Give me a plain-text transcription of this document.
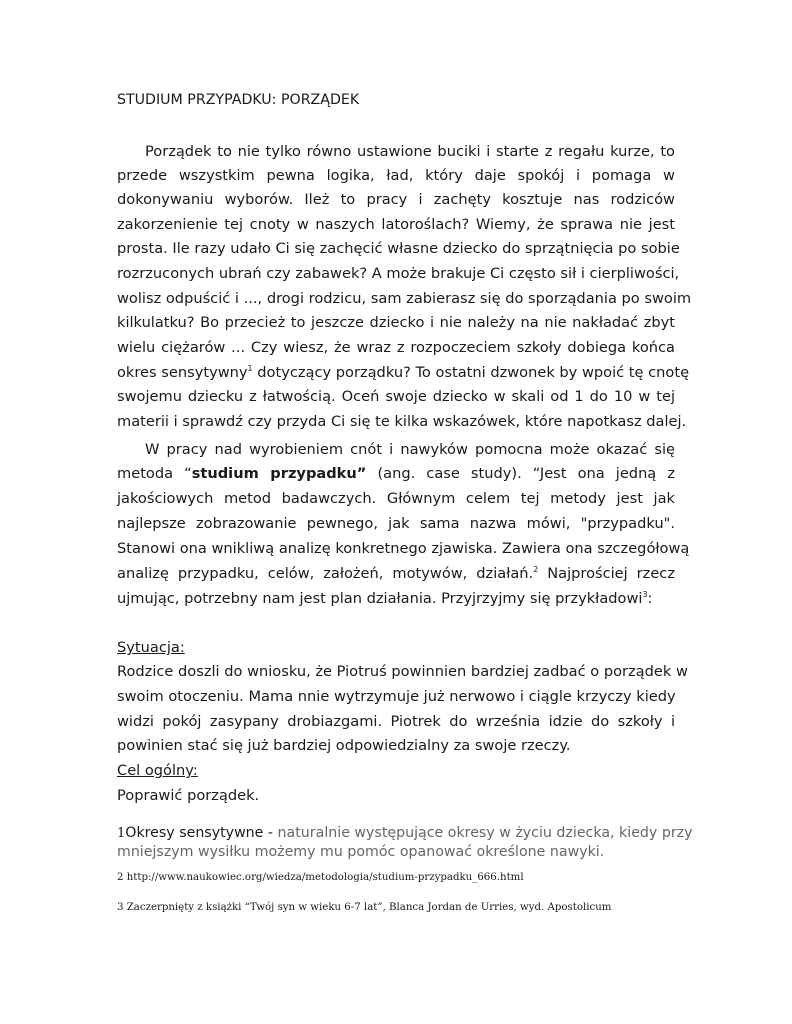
STUDIUM PRZYPADKU: PORZĄDEK
Porządek to nie tylko równo ustawione buciki i starte z regału kurze, to
przede wszystkim pewna logika, ład, który daje spokój i pomaga w
dokonywaniu wyborów. Ileż to pracy i zachęty kosztuje nas rodziców
zakorzenienie tej cnoty w naszych latoroślach? Wiemy, że sprawa nie jest
prosta. Ile razy udało Ci się zachęcić własne dziecko do sprzątnięcia po sobie
rozrzuconych ubrań czy zabawek? A może brakuje Ci często sił i cierpliwości,
wolisz odpuścić i ..., drogi rodzicu, sam zabierasz się do sporządania po swoim
kilkulatku? Bo przecież to jeszcze dziecko i nie należy na nie nakładać zbyt
wielu ciężarów ... Czy wiesz, że wraz z rozpoczeciem szkoły dobiega końca
okres sensytywny$^1$ dotyczący porządku? To ostatni dzwonek by wpoić tę cnotę
swojemu dziecku z łatwością. Oceń swoje dziecko w skali od 1 do 10 w tej
materii i sprawdź czy przyda Ci się te kilka wskazówek, które napotkasz dalej.
W pracy nad wyrobieniem cnót i nawyków pomocna może okazać się
metoda “studium przypadku” (ang. case study). “Jest ona jedną z
jakościowych metod badawczych. Głównym celem tej metody jest jak
najlepsze zobrazowanie pewnego, jak sama nazwa mówi, "przypadku".
Stanowi ona wnikliwą analizę konkretnego zjawiska. Zawiera ona szczegółową
analizę przypadku, celów, założeń, motywów, działań.$^2$ Najprościej rzecz
ujmując, potrzebny nam jest plan działania. Przyjrzyjmy się przykładowi$^3$:
Sytuacja:
Rodzice doszli do wniosku, że Piotruś powinnien bardziej zadbać o porządek w
swoim otoczeniu. Mama nnie wytrzymuje już nerwowo i ciągle krzyczy kiedy
widzi pokój zasypany drobiazgami. Piotrek do września idzie do szkoły i
powinien stać się już bardziej odpowiedzialny za swoje rzeczy.
Cel ogólny:
Poprawić porządek.
1Okresy sensytywne - naturalnie występujące okresy w życiu dziecka, kiedy przy
mniejszym wysiłku możemy mu pomóc opanować określone nawyki.
2 http://www.naukowiec.org/wiedza/metodologia/studium-przypadku_666.html
3 Zaczerpnięty z książki “Twój syn w wieku 6-7 lat”, Blanca Jordan de Urries, wyd. Apostolicum
